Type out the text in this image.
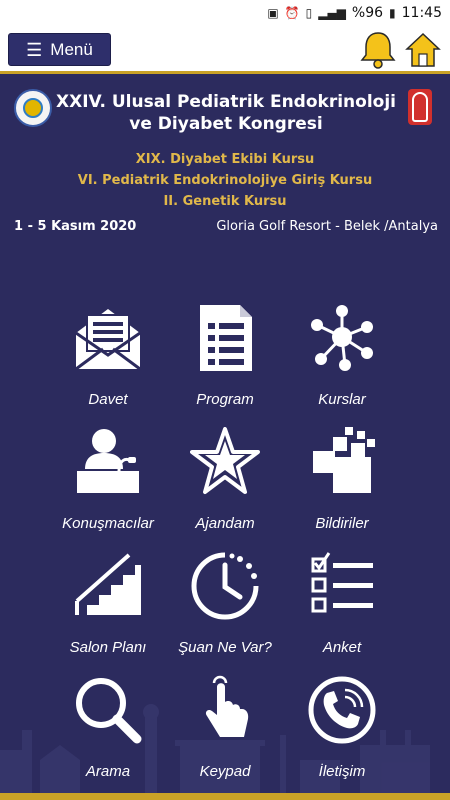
▣ ⏰ ▯ ▂▄▆ %96 ▮ 11:45
☰ Menü
XXIV. Ulusal Pediatrik Endokrinoloji
ve Diyabet Kongresi
XIX. Diyabet Ekibi Kursu
VI. Pediatrik Endokrinolojiye Giriş Kursu
II. Genetik Kursu
1 - 5 Kasım 2020	Gloria Golf Resort - Belek /Antalya
Davet	Program	Kurslar
Konuşmacılar	Ajandam	Bildiriler
Salon Planı	Şuan Ne Var?	Anket
Arama	Keypad	İletişim
